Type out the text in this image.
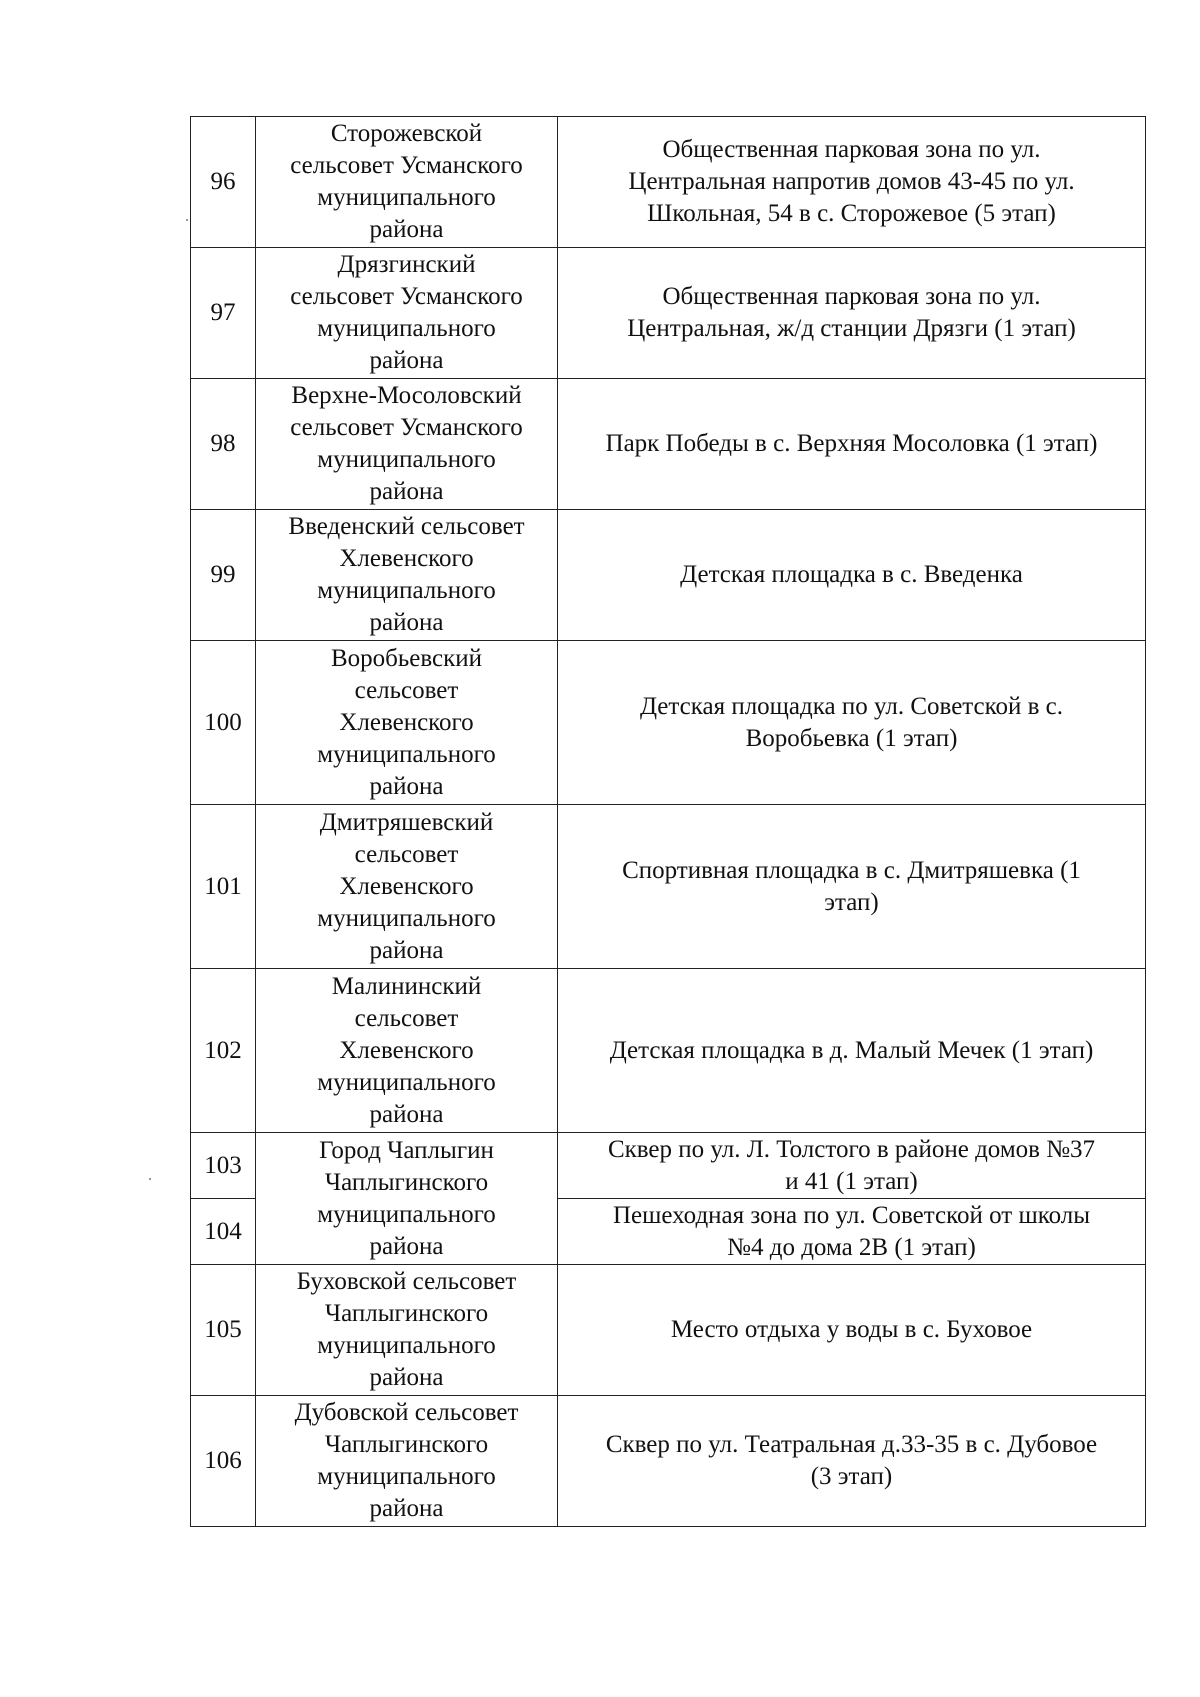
96	Сторожевской
сельсовет Усманского
муниципального
района	Общественная парковая зона по ул.
Центральная напротив домов 43-45 по ул.
Школьная, 54 в с. Сторожевое (5 этап)

97	Дрязгинский
сельсовет Усманского
муниципального
района	Общественная парковая зона по ул.
Центральная, ж/д станции Дрязги (1 этап)

98	Верхне-Мосоловский
сельсовет Усманского
муниципального
района	Парк Победы в с. Верхняя Мосоловка (1 этап)

99	Введенский сельсовет
Хлевенского
муниципального
района	Детская площадка в с. Введенка

100	Воробьевский
сельсовет
Хлевенского
муниципального
района	Детская площадка по ул. Советской в с.
Воробьевка (1 этап)

101	Дмитряшевский
сельсовет
Хлевенского
муниципального
района	Спортивная площадка в с. Дмитряшевка (1
этап)

102	Малининский
сельсовет
Хлевенского
муниципального
района	Детская площадка в д. Малый Мечек (1 этап)

103	Город Чаплыгин
Чаплыгинского
муниципального
района	Сквер по ул. Л. Толстого в районе домов №37
и 41 (1 этап)

104		Пешеходная зона по ул. Советской от школы
№4 до дома 2В (1 этап)

105	Буховской сельсовет
Чаплыгинского
муниципального
района	Место отдыха у воды в с. Буховое

106	Дубовской сельсовет
Чаплыгинского
муниципального
района	Сквер по ул. Театральная д.33-35 в с. Дубовое
(3 этап)
